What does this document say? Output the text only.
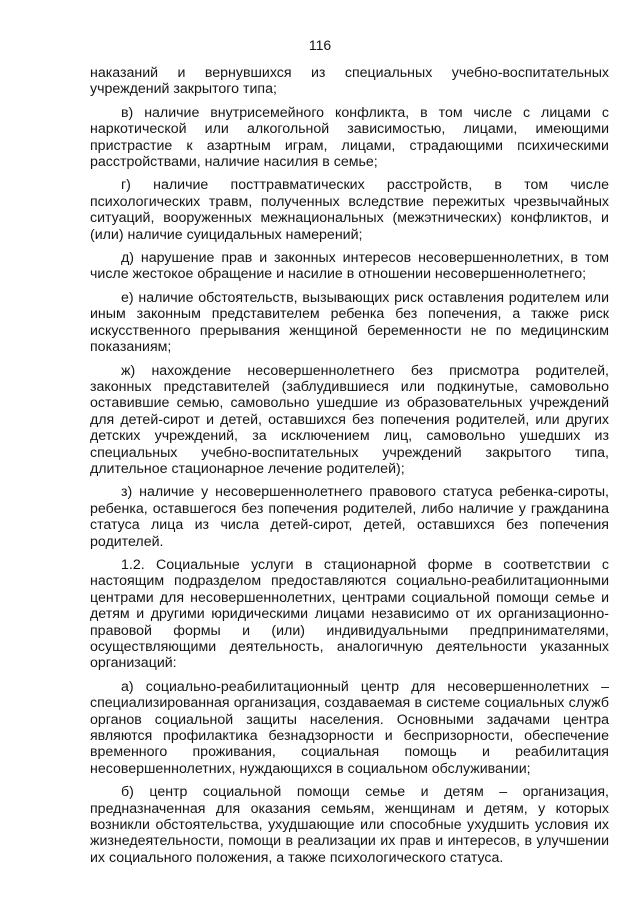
116

наказаний и вернувшихся из специальных учебно-воспитательных учреждений закрытого типа;

в) наличие внутрисемейного конфликта, в том числе с лицами с наркотической или алкогольной зависимостью, лицами, имеющими пристрастие к азартным играм, лицами, страдающими психическими расстройствами, наличие насилия в семье;

г) наличие посттравматических расстройств, в том числе психологических травм, полученных вследствие пережитых чрезвычайных ситуаций, вооруженных межнациональных (межэтнических) конфликтов, и (или) наличие суицидальных намерений;

д) нарушение прав и законных интересов несовершеннолетних, в том числе жестокое обращение и насилие в отношении несовершеннолетнего;

е) наличие обстоятельств, вызывающих риск оставления родителем или иным законным представителем ребенка без попечения, а также риск искусственного прерывания женщиной беременности не по медицинским показаниям;

ж) нахождение несовершеннолетнего без присмотра родителей, законных представителей (заблудившиеся или подкинутые, самовольно оставившие семью, самовольно ушедшие из образовательных учреждений для детей-сирот и детей, оставшихся без попечения родителей, или других детских учреждений, за исключением лиц, самовольно ушедших из специальных учебно-воспитательных учреждений закрытого типа, длительное стационарное лечение родителей);

з) наличие у несовершеннолетнего правового статуса ребенка-сироты, ребенка, оставшегося без попечения родителей, либо наличие у гражданина статуса лица из числа детей-сирот, детей, оставшихся без попечения родителей.

1.2. Социальные услуги в стационарной форме в соответствии с настоящим подразделом предоставляются социально-реабилитационными центрами для несовершеннолетних, центрами социальной помощи семье и детям и другими юридическими лицами независимо от их организационно-правовой формы и (или) индивидуальными предпринимателями, осуществляющими деятельность, аналогичную деятельности указанных организаций:

а) социально-реабилитационный центр для несовершеннолетних – специализированная организация, создаваемая в системе социальных служб органов социальной защиты населения. Основными задачами центра являются профилактика безнадзорности и беспризорности, обеспечение временного проживания, социальная помощь и реабилитация несовершеннолетних, нуждающихся в социальном обслуживании;

б) центр социальной помощи семье и детям – организация, предназначенная для оказания семьям, женщинам и детям, у которых возникли обстоятельства, ухудшающие или способные ухудшить условия их жизнедеятельности, помощи в реализации их прав и интересов, в улучшении их социального положения, а также психологического статуса.
